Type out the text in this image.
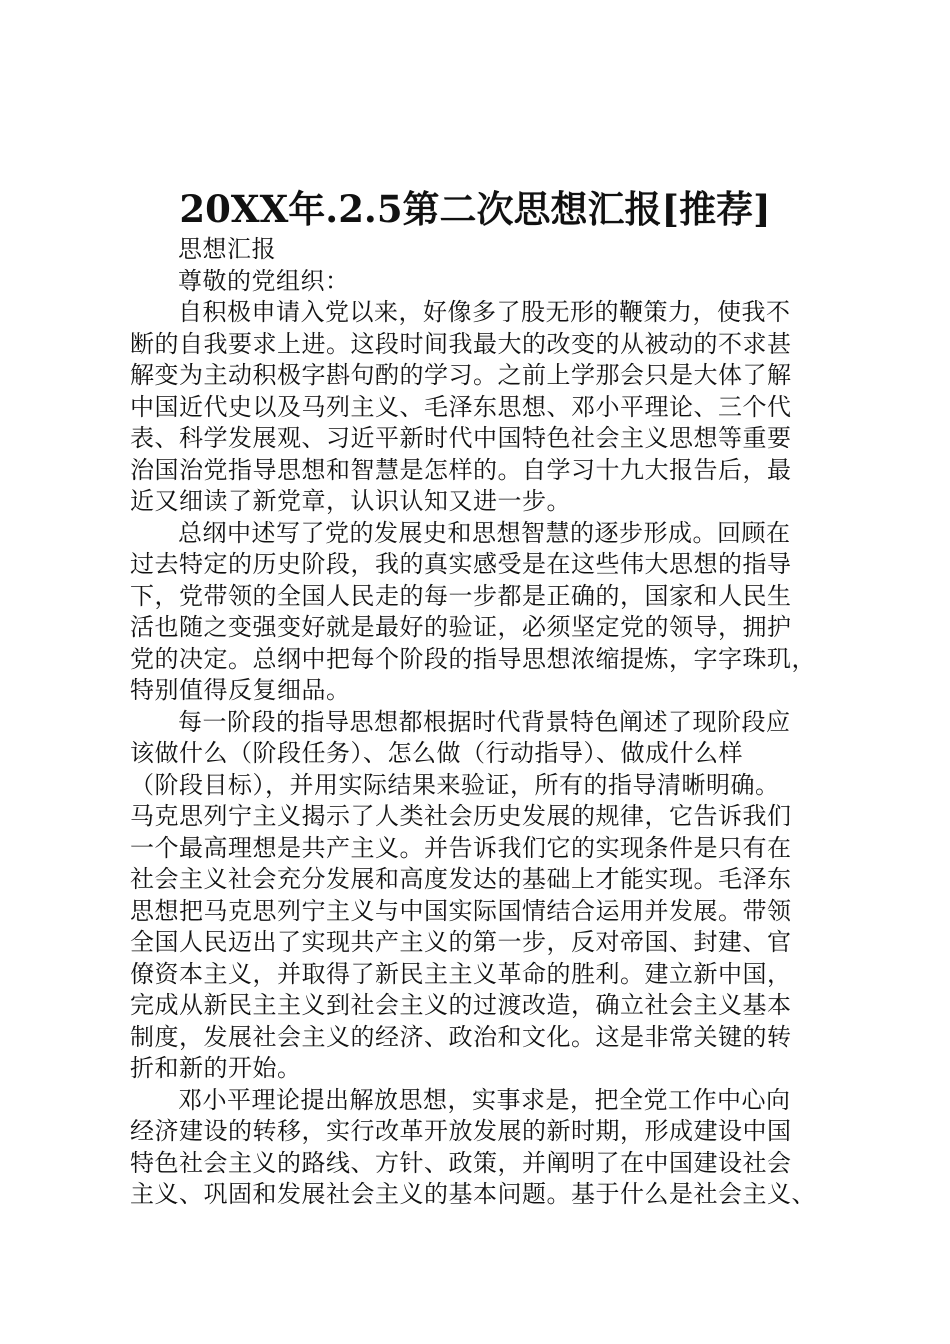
20XX年.2.5第二次思想汇报[推荐]
思想汇报
尊敬的党组织：
自积极申请入党以来，好像多了股无形的鞭策力，使我不
断的自我要求上进。这段时间我最大的改变的从被动的不求甚
解变为主动积极字斟句酌的学习。之前上学那会只是大体了解
中国近代史以及马列主义、毛泽东思想、邓小平理论、三个代
表、科学发展观、习近平新时代中国特色社会主义思想等重要
治国治党指导思想和智慧是怎样的。自学习十九大报告后，最
近又细读了新党章，认识认知又进一步。
总纲中述写了党的发展史和思想智慧的逐步形成。回顾在
过去特定的历史阶段，我的真实感受是在这些伟大思想的指导
下，党带领的全国人民走的每一步都是正确的，国家和人民生
活也随之变强变好就是最好的验证，必须坚定党的领导，拥护
党的决定。总纲中把每个阶段的指导思想浓缩提炼，字字珠玑，
特别值得反复细品。
每一阶段的指导思想都根据时代背景特色阐述了现阶段应
该做什么（阶段任务）、怎么做（行动指导）、做成什么样
（阶段目标），并用实际结果来验证，所有的指导清晰明确。
马克思列宁主义揭示了人类社会历史发展的规律，它告诉我们
一个最高理想是共产主义。并告诉我们它的实现条件是只有在
社会主义社会充分发展和高度发达的基础上才能实现。毛泽东
思想把马克思列宁主义与中国实际国情结合运用并发展。带领
全国人民迈出了实现共产主义的第一步，反对帝国、封建、官
僚资本主义，并取得了新民主主义革命的胜利。建立新中国，
完成从新民主主义到社会主义的过渡改造，确立社会主义基本
制度，发展社会主义的经济、政治和文化。这是非常关键的转
折和新的开始。
邓小平理论提出解放思想，实事求是，把全党工作中心向
经济建设的转移，实行改革开放发展的新时期，形成建设中国
特色社会主义的路线、方针、政策，并阐明了在中国建设社会
主义、巩固和发展社会主义的基本问题。基于什么是社会主义、
